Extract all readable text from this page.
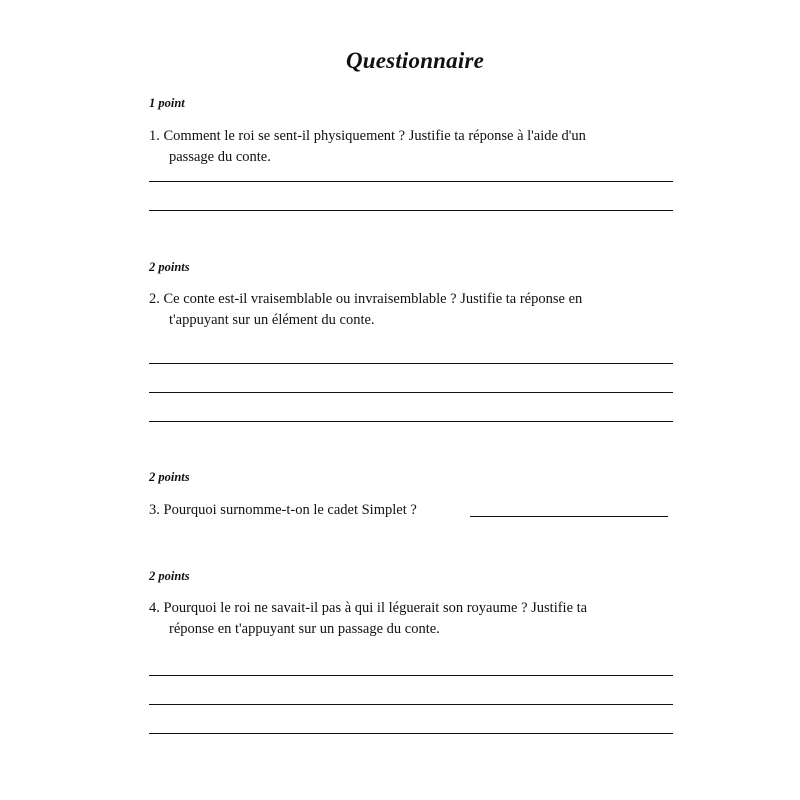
Questionnaire
1 point
1. Comment le roi se sent-il physiquement ? Justifie ta réponse à l'aide d'un
passage du conte.
2 points
2. Ce conte est-il vraisemblable ou invraisemblable ? Justifie ta réponse en
t'appuyant sur un élément du conte.
2 points
3. Pourquoi surnomme-t-on le cadet Simplet ?
2 points
4. Pourquoi le roi ne savait-il pas à qui il léguerait son royaume ? Justifie ta
réponse en t'appuyant sur un passage du conte.
